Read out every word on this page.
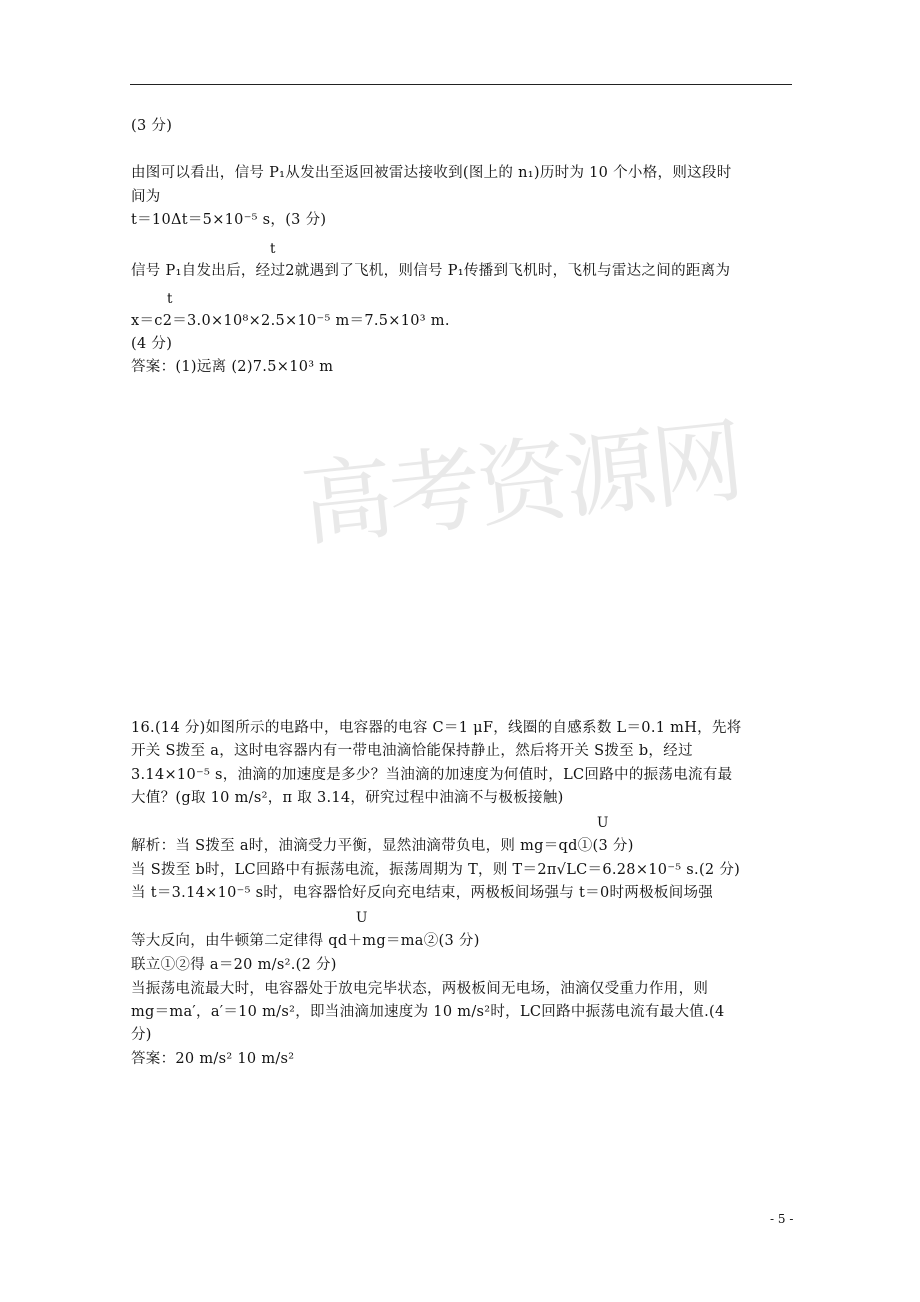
(3 分)
由图可以看出，信号 P₁从发出至返回被雷达接收到(图上的 n₁)历时为 10 个小格，则这段时
间为
t＝10Δt＝5×10⁻⁵ s，(3 分)
t
信号 P₁自发出后，经过2就遇到了飞机，则信号 P₁传播到飞机时，飞机与雷达之间的距离为
t
x＝c2＝3.0×10⁸×2.5×10⁻⁵ m＝7.5×10³ m.
(4 分)
答案：(1)远离 (2)7.5×10³ m
高考资源网
16.(14 分)如图所示的电路中，电容器的电容 C＝1 μF，线圈的自感系数 L＝0.1 mH，先将
开关 S拨至 a，这时电容器内有一带电油滴恰能保持静止，然后将开关 S拨至 b，经过
3.14×10⁻⁵ s，油滴的加速度是多少？当油滴的加速度为何值时，LC回路中的振荡电流有最
大值？(g取 10 m/s²，π 取 3.14，研究过程中油滴不与极板接触)
U
解析：当 S拨至 a时，油滴受力平衡，显然油滴带负电，则 mg＝qd①(3 分)
当 S拨至 b时，LC回路中有振荡电流，振荡周期为 T，则 T＝2π√LC＝6.28×10⁻⁵ s.(2 分)
当 t＝3.14×10⁻⁵ s时，电容器恰好反向充电结束，两极板间场强与 t＝0时两极板间场强
U
等大反向，由牛顿第二定律得 qd＋mg＝ma②(3 分)
联立①②得 a＝20 m/s².(2 分)
当振荡电流最大时，电容器处于放电完毕状态，两极板间无电场，油滴仅受重力作用，则
mg＝ma′，a′＝10 m/s²，即当油滴加速度为 10 m/s²时，LC回路中振荡电流有最大值.(4
分)
答案：20 m/s² 10 m/s²
- 5 -
